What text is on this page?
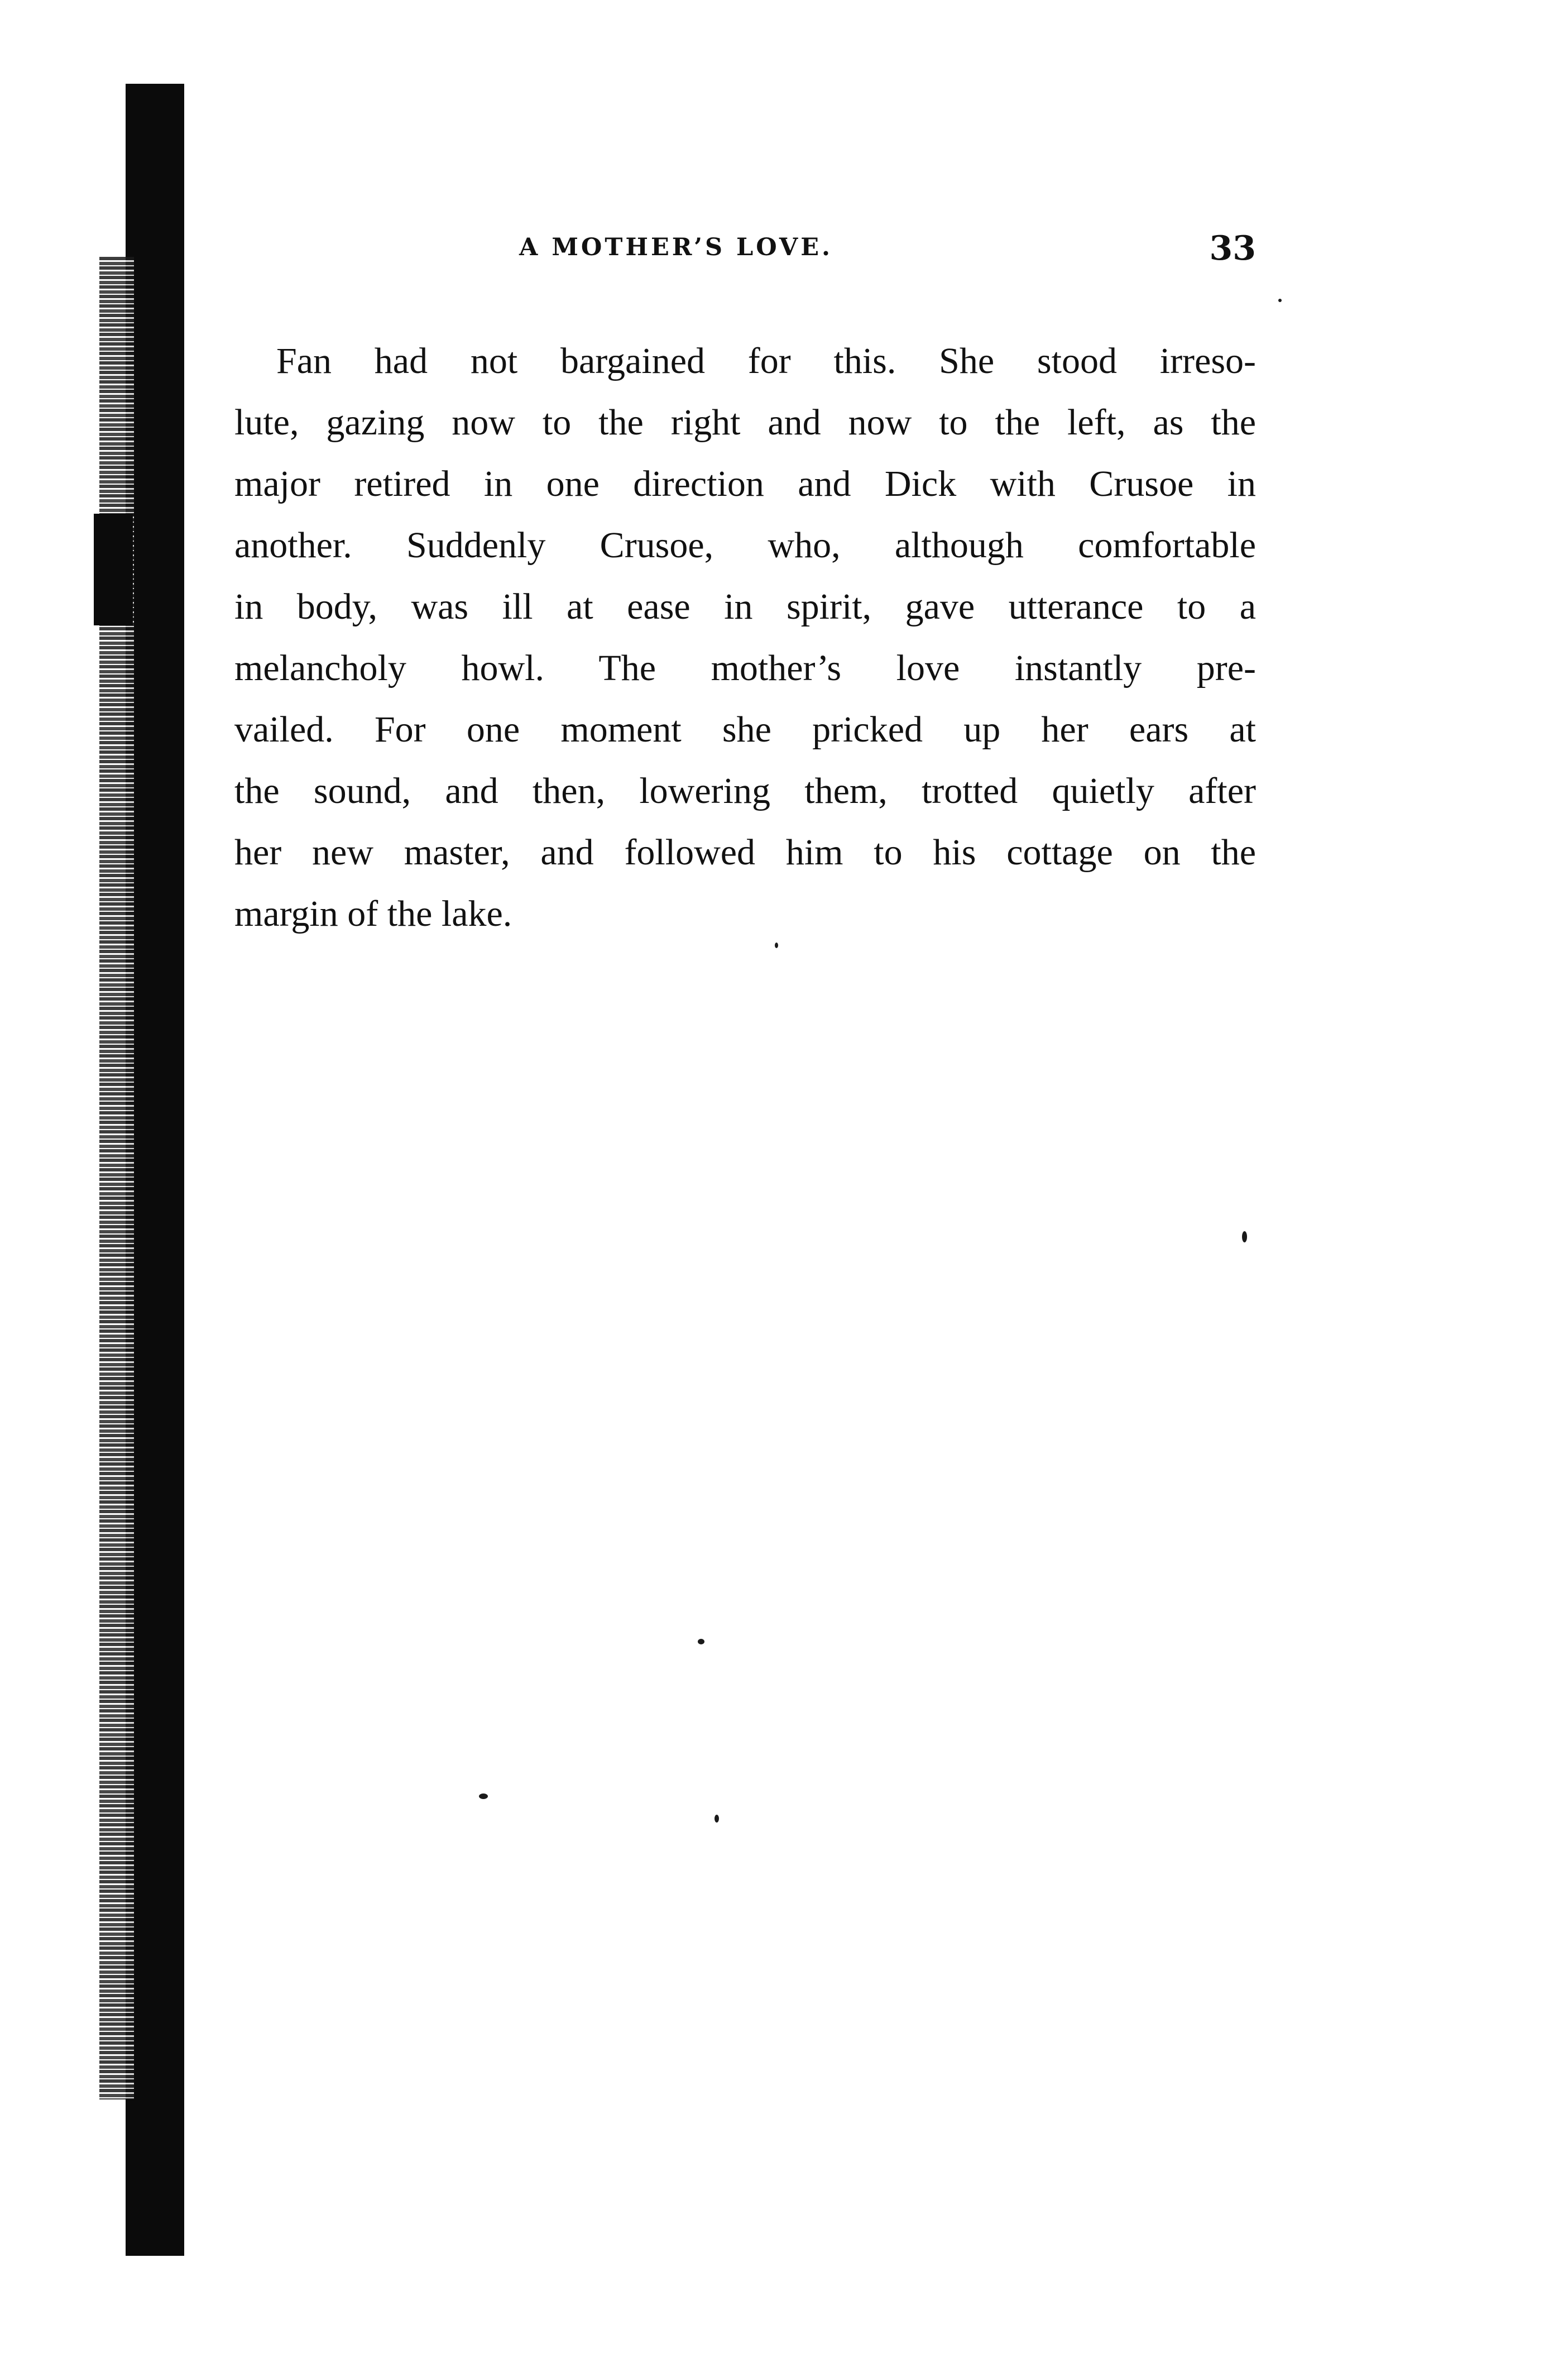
A MOTHER’S LOVE.	33
Fan had not bargained for this. She stood irreso-
lute, gazing now to the right and now to the left, as the
major retired in one direction and Dick with Crusoe in
another. Suddenly Crusoe, who, although comfortable
in body, was ill at ease in spirit, gave utterance to a
melancholy howl. The mother’s love instantly pre-
vailed. For one moment she pricked up her ears at
the sound, and then, lowering them, trotted quietly after
her new master, and followed him to his cottage on the
margin of the lake.
